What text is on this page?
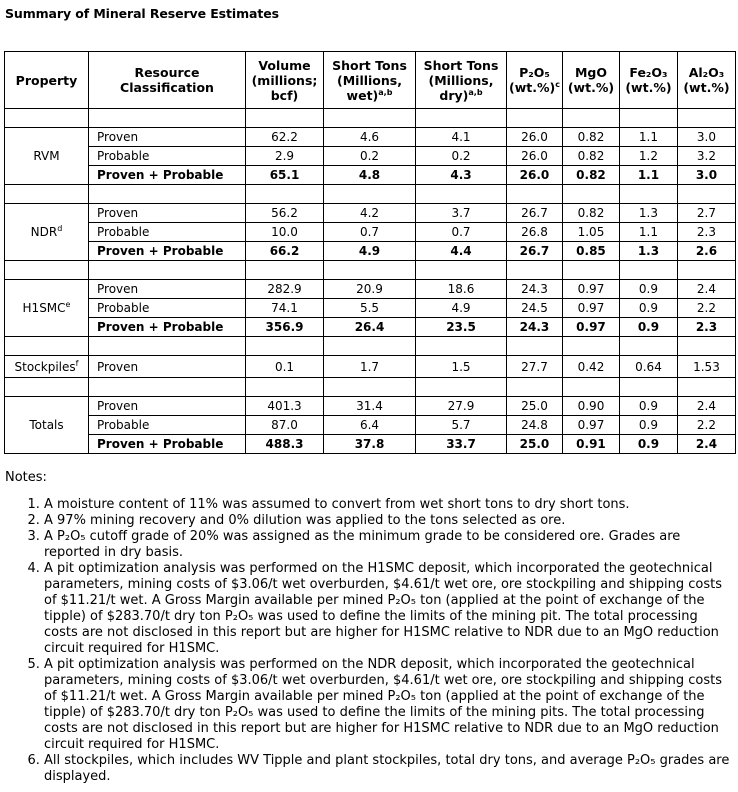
Summary of Mineral Reserve Estimates
Property	Resource Classification	Volume (millions; bcf)	Short Tons (Millions, wet)$^{a,b}$	Short Tons (Millions, dry)$^{a,b}$	P₂O₅ $(wt.\%)^c$	MgO (wt.%)	Fe₂O₃ (wt.%)	Al₂O₃ (wt.%)

RVM	Proven	62.2	4.6	4.1	26.0	0.82	1.1	3.0
	Probable	2.9	0.2	0.2	26.0	0.82	1.2	3.2
	Proven + Probable	65.1	4.8	4.3	26.0	0.82	1.1	3.0

NDR$^d$	Proven	56.2	4.2	3.7	26.7	0.82	1.3	2.7
	Probable	10.0	0.7	0.7	26.8	1.05	1.1	2.3
	Proven + Probable	66.2	4.9	4.4	26.7	0.85	1.3	2.6

H1SMC$^e$	Proven	282.9	20.9	18.6	24.3	0.97	0.9	2.4
	Probable	74.1	5.5	4.9	24.5	0.97	0.9	2.2
	Proven + Probable	356.9	26.4	23.5	24.3	0.97	0.9	2.3

Stockpiles$^f$	Proven	0.1	1.7	1.5	27.7	0.42	0.64	1.53

Totals	Proven	401.3	31.4	27.9	25.0	0.90	0.9	2.4
	Probable	87.0	6.4	5.7	24.8	0.97	0.9	2.2
	Proven + Probable	488.3	37.8	33.7	25.0	0.91	0.9	2.4
Notes:
1. A moisture content of 11% was assumed to convert from wet short tons to dry short tons.
2. A 97% mining recovery and 0% dilution was applied to the tons selected as ore.
3. A P₂O₅ cutoff grade of 20% was assigned as the minimum grade to be considered ore. Grades are reported in dry basis.
4. A pit optimization analysis was performed on the H1SMC deposit, which incorporated the geotechnical parameters, mining costs of $3.06/t wet overburden, $4.61/t wet ore, ore stockpiling and shipping costs of $11.21/t wet. A Gross Margin available per mined P₂O₅ ton (applied at the point of exchange of the tipple) of $283.70/t dry ton P₂O₅ was used to define the limits of the mining pit. The total processing costs are not disclosed in this report but are higher for H1SMC relative to NDR due to an MgO reduction circuit required for H1SMC.
5. A pit optimization analysis was performed on the NDR deposit, which incorporated the geotechnical parameters, mining costs of $3.06/t wet overburden, $4.61/t wet ore, ore stockpiling and shipping costs of $11.21/t wet. A Gross Margin available per mined P₂O₅ ton (applied at the point of exchange of the tipple) of $283.70/t dry ton P₂O₅ was used to define the limits of the mining pits. The total processing costs are not disclosed in this report but are higher for H1SMC relative to NDR due to an MgO reduction circuit required for H1SMC.
6. All stockpiles, which includes WV Tipple and plant stockpiles, total dry tons, and average P₂O₅ grades are displayed.
